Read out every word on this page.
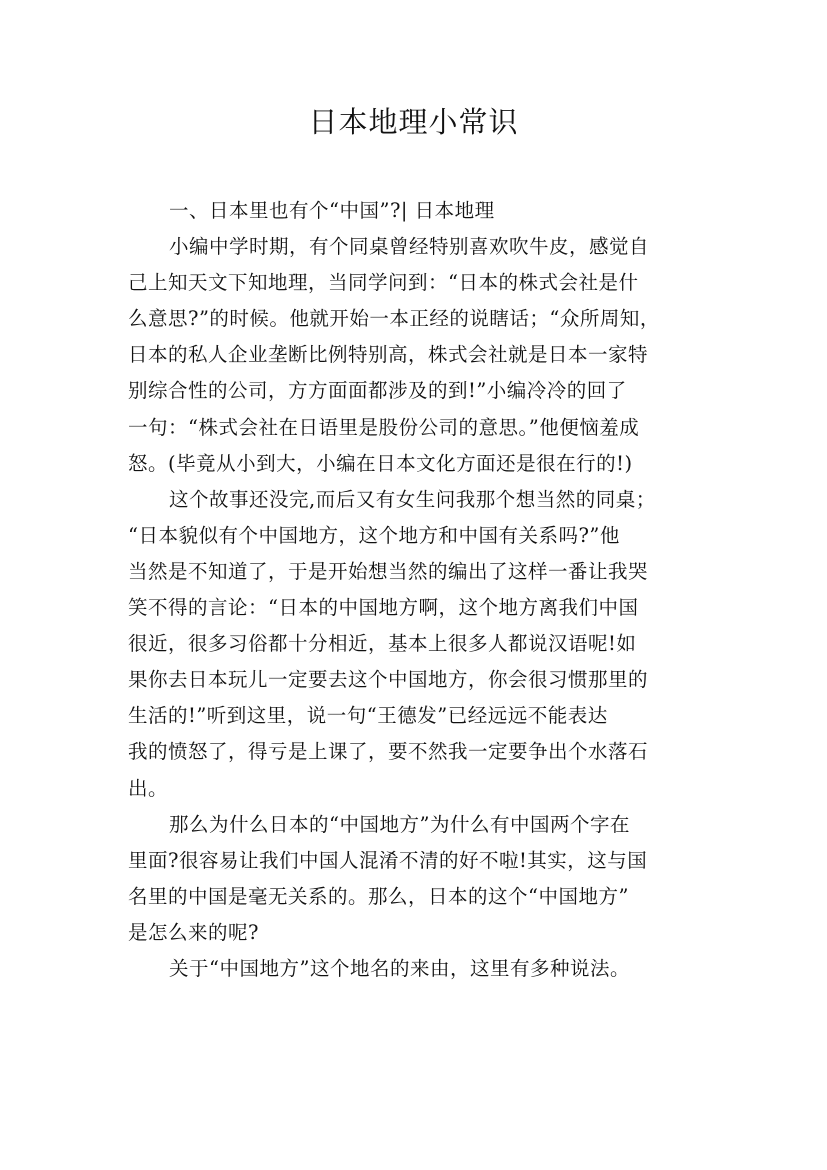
日本地理小常识
一、日本里也有个“中国”?| 日本地理
小编中学时期，有个同桌曾经特别喜欢吹牛皮，感觉自
己上知天文下知地理，当同学问到：“日本的株式会社是什
么意思?”的时候。他就开始一本正经的说瞎话；“众所周知，
日本的私人企业垄断比例特别高，株式会社就是日本一家特
别综合性的公司，方方面面都涉及的到!”小编冷冷的回了
一句：“株式会社在日语里是股份公司的意思。”他便恼羞成
怒。(毕竟从小到大，小编在日本文化方面还是很在行的!)
这个故事还没完,而后又有女生问我那个想当然的同桌；
“日本貌似有个中国地方，这个地方和中国有关系吗?”他
当然是不知道了，于是开始想当然的编出了这样一番让我哭
笑不得的言论：“日本的中国地方啊，这个地方离我们中国
很近，很多习俗都十分相近，基本上很多人都说汉语呢!如
果你去日本玩儿一定要去这个中国地方，你会很习惯那里的
生活的!”听到这里，说一句“王德发”已经远远不能表达
我的愤怒了，得亏是上课了，要不然我一定要争出个水落石
出。
那么为什么日本的“中国地方”为什么有中国两个字在
里面?很容易让我们中国人混淆不清的好不啦!其实，这与国
名里的中国是毫无关系的。那么，日本的这个“中国地方”
是怎么来的呢?
关于“中国地方”这个地名的来由，这里有多种说法。
